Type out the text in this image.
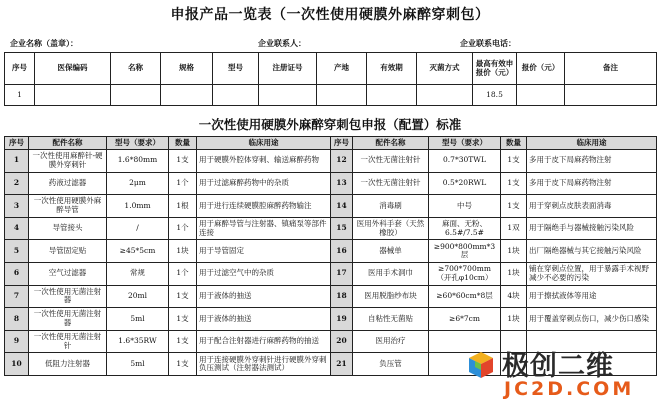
申报产品一览表（一次性使用硬膜外麻醉穿刺包）
企业名称（盖章）：	企业联系人：	企业联系电话：
序号	医保编码	名称	规格	型号	注册证号	产地	有效期	灭菌方式	最高有效申报价（元）	报价（元）	备注
1									18.5		
一次性使用硬膜外麻醉穿刺包申报（配置）标准
序号	配件名称	型号（要求）	数量	临床用途	序号	配件名称	型号（要求）	数量	临床用途
1	一次性使用麻醉针-硬膜外穿刺针	1.6*80mm	1支	用于硬膜外腔体穿刺、输送麻醉药物	12	一次性无菌注射针	0.7*30TWL	1支	多用于皮下局麻药物注射
2	药液过滤器	2μm	1个	用于过滤麻醉药物中的杂质	13	一次性无菌注射针	0.5*20RWL	1支	多用于皮下局麻药物注射
3	一次性使用硬膜外麻醉导管	1.0mm	1根	用于进行连续硬膜腔麻醉药物输注	14	消毒刷	中号	1支	用于穿刺点皮肤表面消毒
4	导管接头	/	1个	用于麻醉导管与注射器、镇痛泵等部件连接	15	医用外科手套（天然橡胶）	麻面、无粉、6.5#/7.5#	1双	用于隔绝手与器械接触污染风险
5	导管固定贴	≥45*5cm	1块	用于导管固定	16	器械单	≥900*800mm*3层	1块	出厂隔绝器械与其它接触污染风险
6	空气过滤器	常规	1个	用于过滤空气中的杂质	17	医用手术洞巾	≥700*700mm（开孔φ10cm）	1块	铺在穿刺点位置，用于暴露手术视野减少不必要的污染
7	一次性使用无菌注射器	20ml	1支	用于液体的抽送	18	医用脱脂纱布块	≥60*60cm*8层	4块	用于擦拭液体等用途
8	一次性使用无菌注射器	5ml	1支	用于液体的抽送	19	自粘性无菌贴	≥6*7cm	1块	用于覆盖穿刺点伤口，减少伤口感染
9	一次性使用无菌注射针	1.6*35RW	1支	用于配合注射器进行麻醉药物的抽送	20	医用治疗			
10	低阻力注射器	5ml	1支	用于连接硬膜外穿刺针进行硬膜外穿刺负压测试（注射器法测试）	21	负压管				极创二维
JC2D.COM
